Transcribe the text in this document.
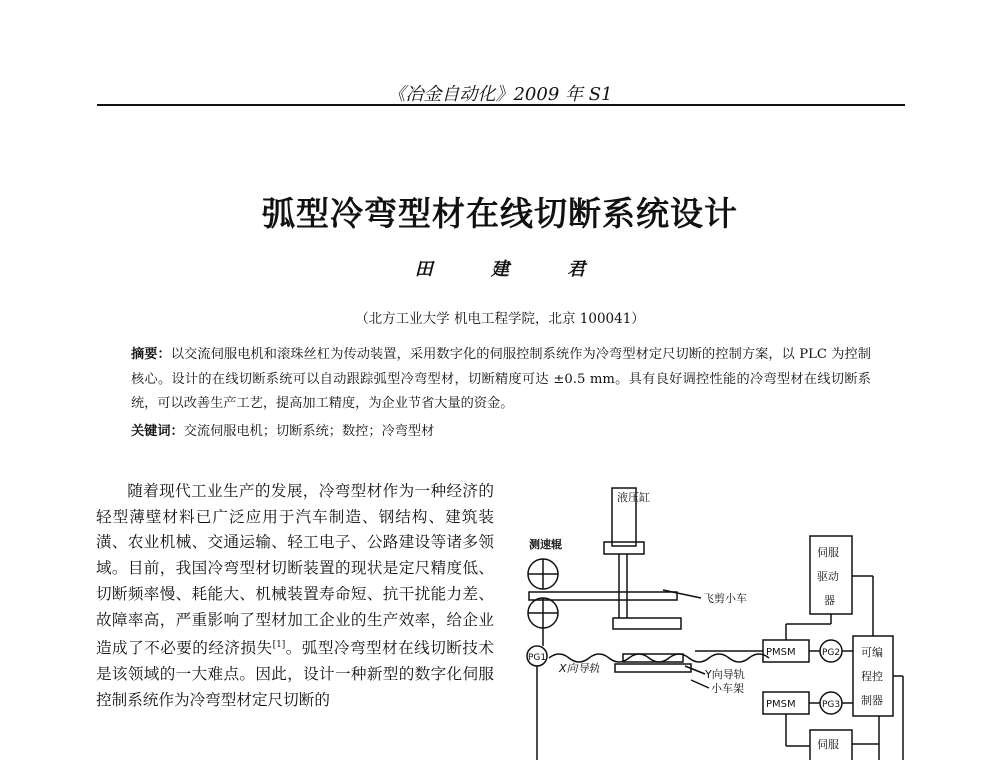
《冶金自动化》2009 年 S1
弧型冷弯型材在线切断系统设计
田 建 君
（北方工业大学 机电工程学院，北京 100041）
摘要：以交流伺服电机和滚珠丝杠为传动装置，采用数字化的伺服控制系统作为冷弯型材定尺切断的控制方案，以 PLC 为控制核心。设计的在线切断系统可以自动跟踪弧型冷弯型材，切断精度可达 ±0.5 mm。具有良好调控性能的冷弯型材在线切断系统，可以改善生产工艺，提高加工精度，为企业节省大量的资金。
关键词：交流伺服电机；切断系统；数控；冷弯型材

随着现代工业生产的发展，冷弯型材作为一种经济的轻型薄壁材料已广泛应用于汽车制造、钢结构、建筑装潢、农业机械、交通运输、轻工电子、公路建设等诸多领域。目前，我国冷弯型材切断装置的现状是定尺精度低、切断频率慢、耗能大、机械装置寿命短、抗干扰能力差、故障率高，严重影响了型材加工企业的生产效率，给企业造成了不必要的经济损失[1]。弧型冷弯型材在线切断技术是该领域的一大难点。因此，设计一种新型的数字化伺服控制系统作为冷弯型材定尺切断的

液压缸
测速辊
飞剪小车
PG1
X向导轨	Y向导轨
小车架
伺服
驱动
器
PMSM	PG2 可编
程控
制器
PMSM	PG3
伺服
